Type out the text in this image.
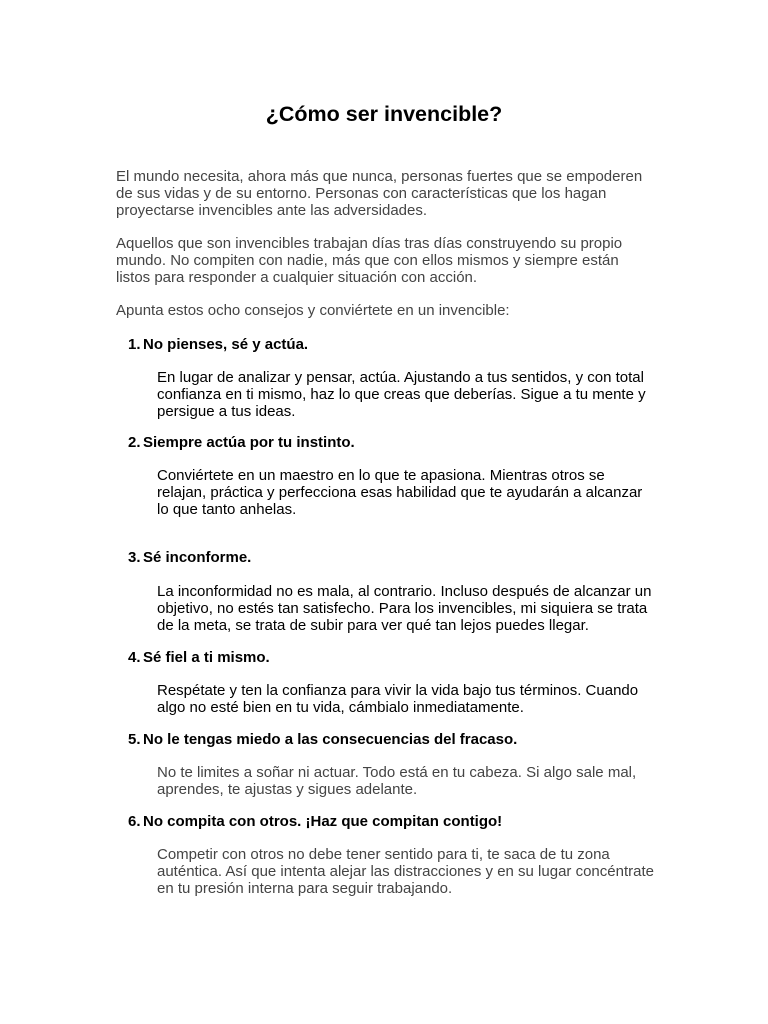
¿Cómo ser invencible?

El mundo necesita, ahora más que nunca, personas fuertes que se empoderen de sus vidas y de su entorno. Personas con características que los hagan proyectarse invencibles ante las adversidades.

Aquellos que son invencibles trabajan días tras días construyendo su propio mundo. No compiten con nadie, más que con ellos mismos y siempre están listos para responder a cualquier situación con acción.

Apunta estos ocho consejos y conviértete en un invencible:

1. No pienses, sé y actúa.

En lugar de analizar y pensar, actúa. Ajustando a tus sentidos, y con total confianza en ti mismo, haz lo que creas que deberías. Sigue a tu mente y persigue a tus ideas.

2. Siempre actúa por tu instinto.

Conviértete en un maestro en lo que te apasiona. Mientras otros se relajan, práctica y perfecciona esas habilidad que te ayudarán a alcanzar lo que tanto anhelas.

3. Sé inconforme.

La inconformidad no es mala, al contrario. Incluso después de alcanzar un objetivo, no estés tan satisfecho. Para los invencibles, mi siquiera se trata de la meta, se trata de subir para ver qué tan lejos puedes llegar.

4. Sé fiel a ti mismo.

Respétate y ten la confianza para vivir la vida bajo tus términos. Cuando algo no esté bien en tu vida, cámbialo inmediatamente.

5. No le tengas miedo a las consecuencias del fracaso.

No te limites a soñar ni actuar. Todo está en tu cabeza. Si algo sale mal, aprendes, te ajustas y sigues adelante.

6. No compita con otros. ¡Haz que compitan contigo!

Competir con otros no debe tener sentido para ti, te saca de tu zona auténtica. Así que intenta alejar las distracciones y en su lugar concéntrate en tu presión interna para seguir trabajando.
